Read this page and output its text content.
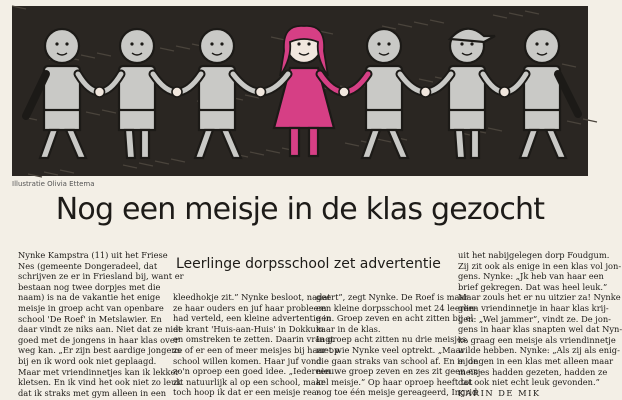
Illustratie Olivia Ettema
Nog een meisje in de klas gezocht
Leerlinge dorpsschool zet advertentie
Nynke Kampstra (11) uit het Friese
Nes (gemeente Dongeradeel, dat
schrijven ze er in Friesland bij, want er
bestaan nog twee dorpjes met die
naam) is na de vakantie het enige
meisje in groep acht van openbare
school 'De Roef' in Metslawier. En
daar vindt ze niks aan. Niet dat ze niet
goed met de jongens in haar klas over
weg kan. „Er zijn best aardige jongens
bij en ik word ook niet geplaagd.
Maar met vriendinnetjes kan ik lekker
kletsen. En ik vind het ook niet zo leuk
dat ik straks met gym alleen in een
kleedhokje zit.” Nynke besloot, nadat
ze haar ouders en juf haar probleem
had verteld, een kleine advertentie in
de krant 'Huis-aan-Huis' in Dokkum
en omstreken te zetten. Daarin vraagt
ze of er een of meer meisjes bij haar op
school willen komen. Haar juf vond
zo'n oproep een goed idee. „Iedereen
zit natuurlijk al op een school, maar
toch hoop ik dat er een meisje rea-
geert”, zegt Nynke. De Roef is maar
een kleine dorpsschool met 24 leerlin-
gen. Groep zeven en acht zitten bij el-
kaar in de klas.
In groep acht zitten nu drie meisjes,
met wie Nynke veel optrekt. „Maar
die gaan straks van school af. En in de
nieuwe groep zeven en zes zit geen en-
kel meisje.” Op haar oproep heeft tot
nog toe één meisje gereageerd, Ingrid
uit het nabijgelegen dorp Foudgum.
Zij zit ook als enige in een klas vol jon-
gens. Nynke: „Jk heb van haar een
brief gekregen. Dat was heel leuk.”
Maar zouls het er nu uitzier za! Nynke
geen vriendinnetje in haar klas krij-
gen. „Wel jammer”, vindt ze. De jon-
gens in haar klas snapten wel dat Nyn-
ke graag een meisje als vriendinnetje
wilde hebben. Nynke: „Als zij als enig-
e jongen in een klas met alleen maar
meisjes hadden gezeten, hadden ze
dat ook niet echt leuk gevonden.”
KARIN DE MIK
